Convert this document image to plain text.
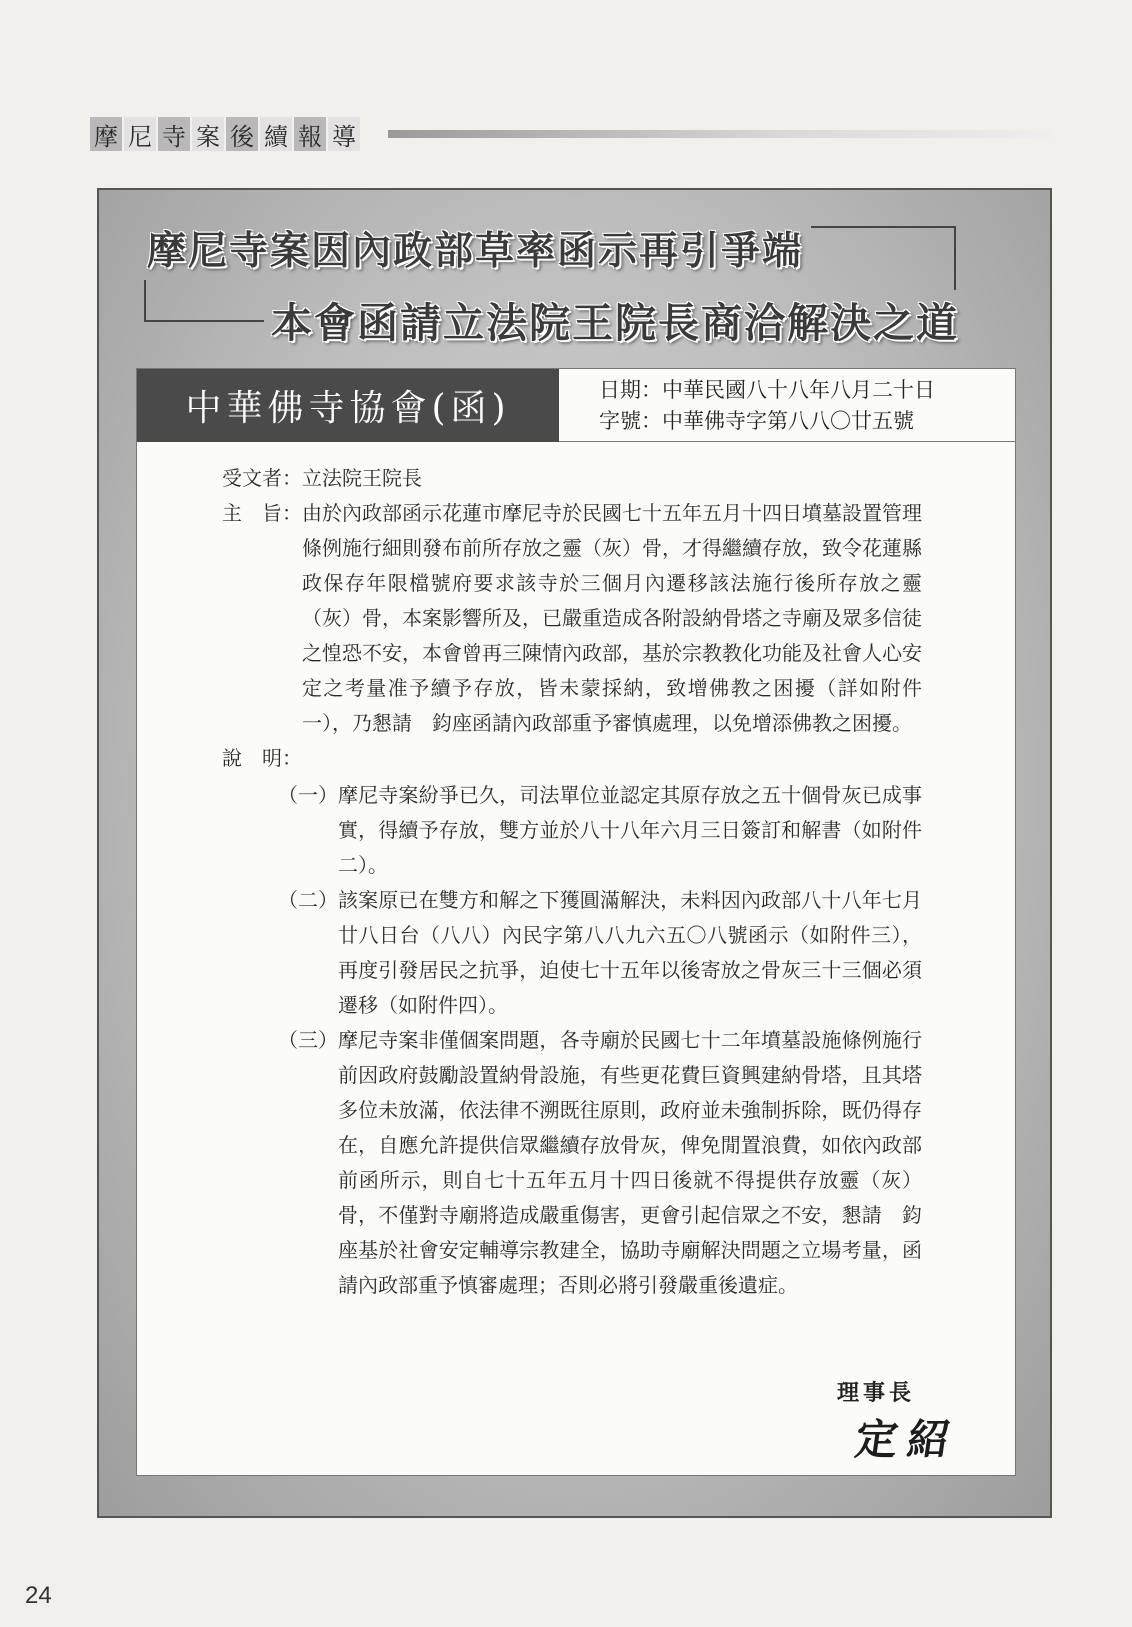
摩 尼 寺 案 後 續 報 導
摩尼寺案因內政部草率函示再引爭端
本會函請立法院王院長商洽解決之道
中華佛寺協會(函)	日期：中華民國八十八年八月二十日
字號：中華佛寺字第八八〇廿五號
受文者： 立法院王院長
主　旨： 由於內政部函示花蓮市摩尼寺於民國七十五年五月十四日墳墓設置管理條例施行細則發布前所存放之靈（灰）骨，才得繼續存放，致令花蓮縣政保存年限檔號府要求該寺於三個月內遷移該法施行後所存放之靈（灰）骨，本案影響所及，已嚴重造成各附設納骨塔之寺廟及眾多信徒之惶恐不安，本會曾再三陳情內政部，基於宗教教化功能及社會人心安定之考量准予續予存放，皆未蒙採納，致增佛教之困擾（詳如附件一），乃懇請　鈞座函請內政部重予審慎處理，以免增添佛教之困擾。
說　明：
（一） 摩尼寺案紛爭已久，司法單位並認定其原存放之五十個骨灰已成事實，得續予存放，雙方並於八十八年六月三日簽訂和解書（如附件二）。
（二） 該案原已在雙方和解之下獲圓滿解決，未料因內政部八十八年七月廿八日台（八八）內民字第八八九六五〇八號函示（如附件三），再度引發居民之抗爭，迫使七十五年以後寄放之骨灰三十三個必須遷移（如附件四）。
（三） 摩尼寺案非僅個案問題，各寺廟於民國七十二年墳墓設施條例施行前因政府鼓勵設置納骨設施，有些更花費巨資興建納骨塔，且其塔多位未放滿，依法律不溯既往原則，政府並未強制拆除，既仍得存在，自應允許提供信眾繼續存放骨灰，俾免閒置浪費，如依內政部前函所示，則自七十五年五月十四日後就不得提供存放靈（灰）骨，不僅對寺廟將造成嚴重傷害，更會引起信眾之不安，懇請　鈞座基於社會安定輔導宗教建全，協助寺廟解決問題之立場考量，函請內政部重予慎審處理；否則必將引發嚴重後遺症。
理事長
定紹
24
